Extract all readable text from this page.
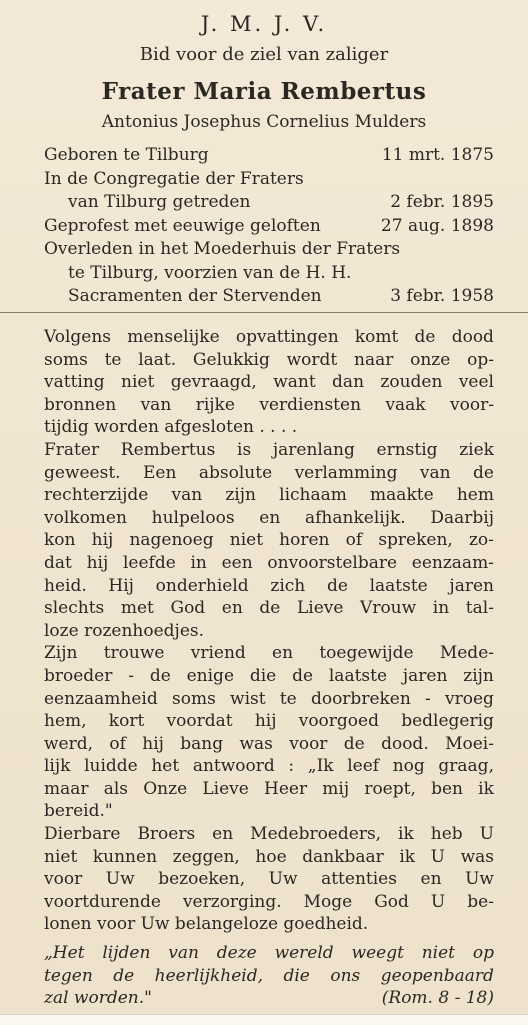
J. M. J. V.
Bid voor de ziel van zaliger
Frater Maria Rembertus
Antonius Josephus Cornelius Mulders
Geboren te Tilburg	11 mrt. 1875
In de Congregatie der Fraters
van Tilburg getreden	2 febr. 1895
Geprofest met eeuwige geloften	27 aug. 1898
Overleden in het Moederhuis der Fraters
te Tilburg, voorzien van de H. H.
Sacramenten der Stervenden	3 febr. 1958
Volgens menselijke opvattingen komt de dood
soms te laat. Gelukkig wordt naar onze op-
vatting niet gevraagd, want dan zouden veel
bronnen van rijke verdiensten vaak voor-
tijdig worden afgesloten . . . .
Frater Rembertus is jarenlang ernstig ziek
geweest. Een absolute verlamming van de
rechterzijde van zijn lichaam maakte hem
volkomen hulpeloos en afhankelijk. Daarbij
kon hij nagenoeg niet horen of spreken, zo-
dat hij leefde in een onvoorstelbare eenzaam-
heid. Hij onderhield zich de laatste jaren
slechts met God en de Lieve Vrouw in tal-
loze rozenhoedjes.
Zijn trouwe vriend en toegewijde Mede-
broeder - de enige die de laatste jaren zijn
eenzaamheid soms wist te doorbreken - vroeg
hem, kort voordat hij voorgoed bedlegerig
werd, of hij bang was voor de dood. Moei-
lijk luidde het antwoord : „Ik leef nog graag,
maar als Onze Lieve Heer mij roept, ben ik
bereid."
Dierbare Broers en Medebroeders, ik heb U
niet kunnen zeggen, hoe dankbaar ik U was
voor Uw bezoeken, Uw attenties en Uw
voortdurende verzorging. Moge God U be-
lonen voor Uw belangeloze goedheid.
„Het lijden van deze wereld weegt niet op
tegen de heerlijkheid, die ons geopenbaard
zal worden."	(Rom. 8 - 18)
